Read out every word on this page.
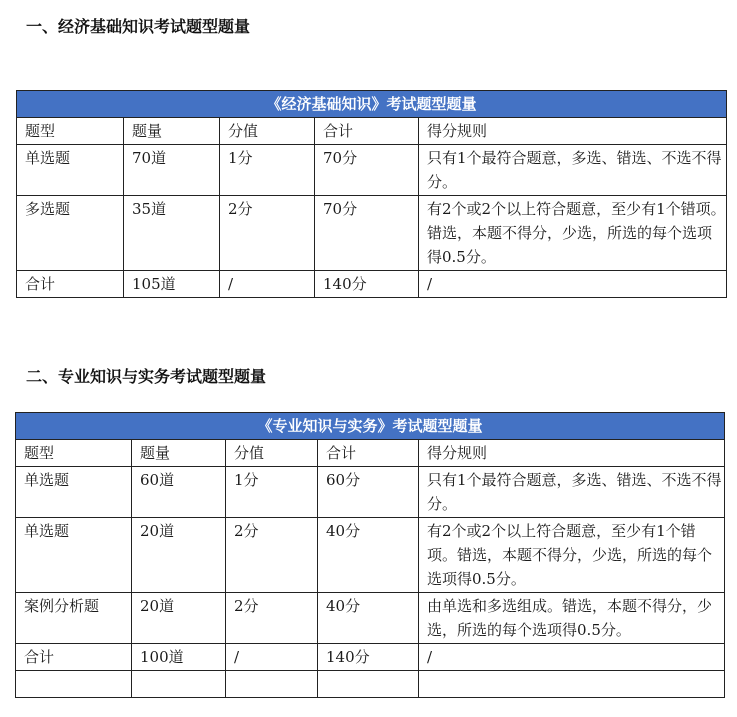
一、经济基础知识考试题型题量
《经济基础知识》考试题型题量				
题型	题量	分值	合计	得分规则
单选题	70道	1分	70分	只有1个最符合题意，多选、错选、不选不得分。
多选题	35道	2分	70分	有2个或2个以上符合题意，至少有1个错项。错选，本题不得分，少选，所选的每个选项得0.5分。
合计	105道	/	140分	/
二、专业知识与实务考试题型题量
《专业知识与实务》考试题型题量				
题型	题量	分值	合计	得分规则
单选题	60道	1分	60分	只有1个最符合题意，多选、错选、不选不得分。
单选题	20道	2分	40分	有2个或2个以上符合题意，至少有1个错项。错选，本题不得分，少选，所选的每个选项得0.5分。
案例分析题	20道	2分	40分	由单选和多选组成。错选，本题不得分，少选，所选的每个选项得0.5分。
合计	100道	/	140分	/
